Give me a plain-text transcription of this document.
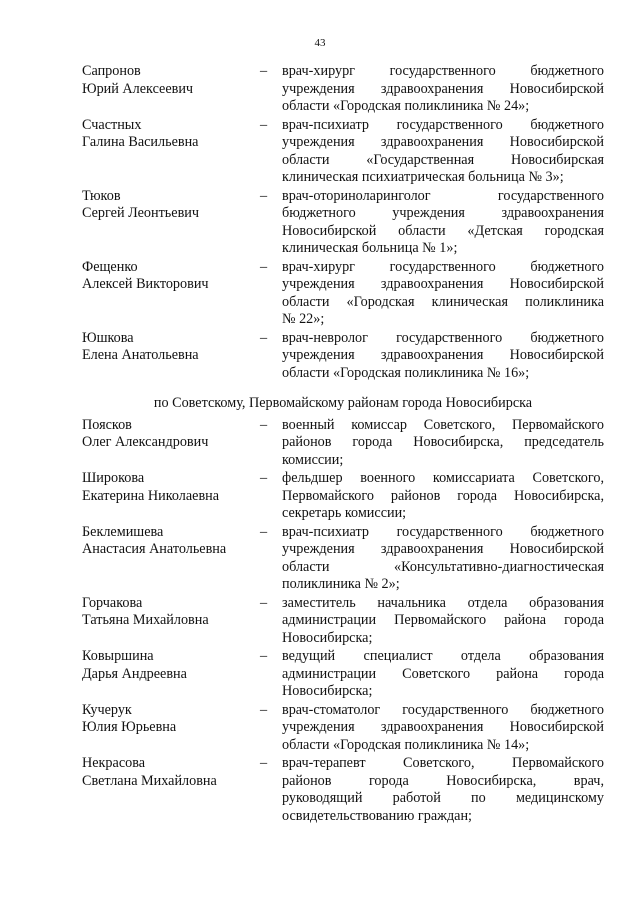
43
Сапронов
Юрий Алексеевич
–	врач-хирург государственного бюджетного
учреждения здравоохранения Новосибирской
области «Городская поликлиника № 24»;
Счастных
Галина Васильевна
–	врач-психиатр государственного бюджетного
учреждения здравоохранения Новосибирской
области «Государственная Новосибирская
клиническая психиатрическая больница № 3»;
Тюков
Сергей Леонтьевич
–	врач-оториноларинголог государственного
бюджетного учреждения здравоохранения
Новосибирской области «Детская городская
клиническая больница № 1»;
Фещенко
Алексей Викторович
–	врач-хирург государственного бюджетного
учреждения здравоохранения Новосибирской
области «Городская клиническая поликлиника
№ 22»;
Юшкова
Елена Анатольевна
–	врач-невролог государственного бюджетного
учреждения здравоохранения Новосибирской
области «Городская поликлиника № 16»;
по Советскому, Первомайскому районам города Новосибирска
Поясков
Олег Александрович
–	военный комиссар Советского, Первомайского
районов города Новосибирска, председатель
комиссии;
Широкова
Екатерина Николаевна
–	фельдшер военного комиссариата Советского,
Первомайского районов города Новосибирска,
секретарь комиссии;
Беклемишева
Анастасия Анатольевна
–	врач-психиатр государственного бюджетного
учреждения здравоохранения Новосибирской
области «Консультативно-диагностическая
поликлиника № 2»;
Горчакова
Татьяна Михайловна
–	заместитель начальника отдела образования
администрации Первомайского района города
Новосибирска;
Ковыршина
Дарья Андреевна
–	ведущий специалист отдела образования
администрации Советского района города
Новосибирска;
Кучерук
Юлия Юрьевна
–	врач-стоматолог государственного бюджетного
учреждения здравоохранения Новосибирской
области «Городская поликлиника № 14»;
Некрасова
Светлана Михайловна
–	врач-терапевт Советского, Первомайского
районов города Новосибирска, врач,
руководящий работой по медицинскому
освидетельствованию граждан;
